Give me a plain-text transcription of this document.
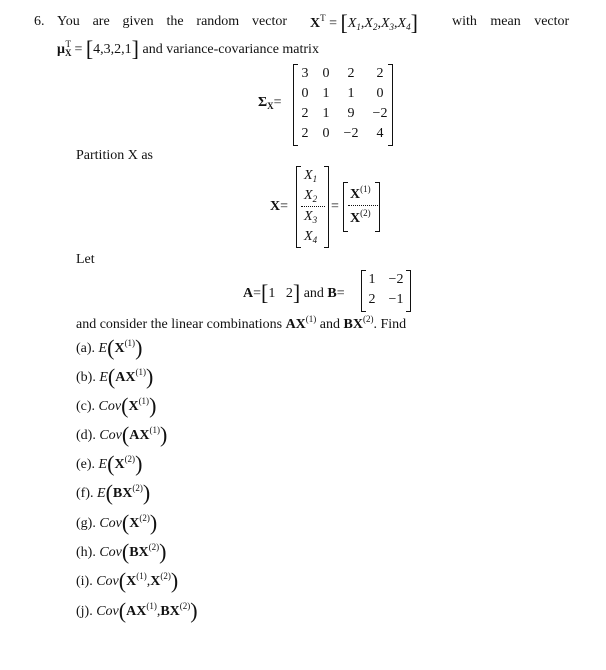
6. You are given the random vector $X^T = [X_1,X_2,X_3,X_4]$ with mean vector
$\mu_X^T = [4,3,2,1]$ and variance-covariance matrix
$\Sigma_X=$
3	0	2	2
0	1	1	0
2	1	9	−2
2	0	−2	4
Partition X as
X=
$X_1$
$X_2$
$X_3$
$X_4$
=
$X^{(1)}$
$X^{(2)}$
Let
A=[1 2] and B=
1 −2
2 −1
and consider the linear combinations AX$^{(1)}$ and BX$^{(2)}$. Find
(a). $E(X^{(1)})$
(b). E(AX$^{(1)}$)
(c). $Cov(X^{(1)})$
(d). Cov(AX$^{(1)}$)
(e). $E(X^{(2)})$
(f). E(BX$^{(2)}$)
(g). $Cov(X^{(2)})$
(h). Cov(BX$^{(2)}$)
(i). $Cov(X^{(1)},X^{(2)})$
(j). Cov(AX$^{(1)}$,BX$^{(2)}$)
